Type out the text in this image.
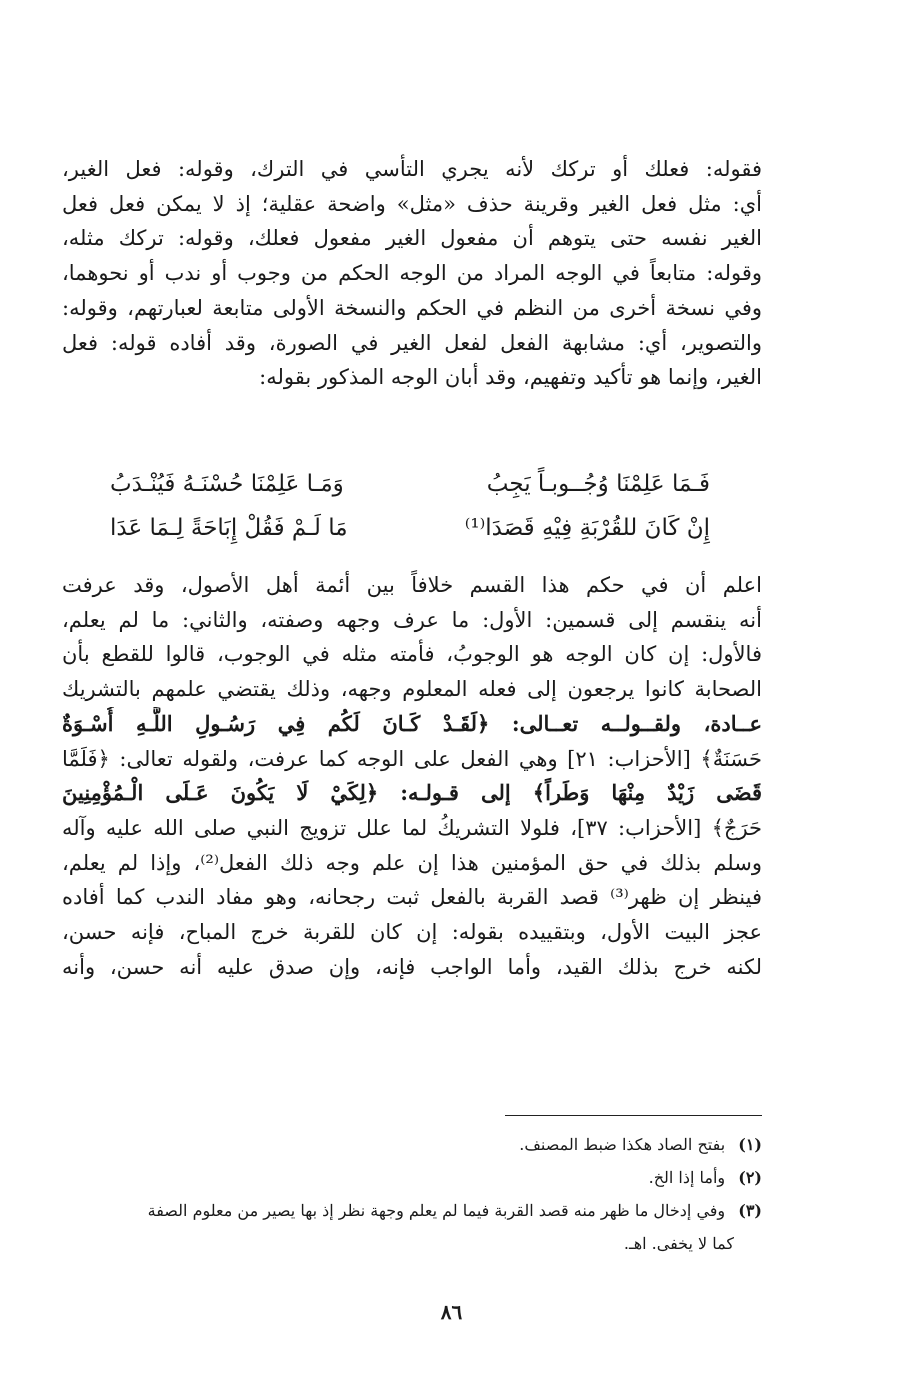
فقوله: فعلك أو تركك لأنه يجري التأسي في الترك، وقوله: فعل الغير،
أي: مثل فعل الغير وقرينة حذف «مثل» واضحة عقلية؛ إذ لا يمكن فعل فعل
الغير نفسه حتى يتوهم أن مفعول الغير مفعول فعلك، وقوله: تركك مثله،
وقوله: متابعاً في الوجه المراد من الوجه الحكم من وجوب أو ندب أو نحوهما،
وفي نسخة أخرى من النظم في الحكم والنسخة الأولى متابعة لعبارتهم، وقوله:
والتصوير، أي: مشابهة الفعل لفعل الغير في الصورة، وقد أفاده قوله: فعل
الغير، وإنما هو تأكيد وتفهيم، وقد أبان الوجه المذكور بقوله:
فَـمَا عَلِمْنَا وُجُــوبـاً يَجِبُ
وَمَـا عَلِمْنَا حُسْنَـهُ فَيُنْـدَبُ
إِنْ كَانَ للقُرْبَةِ فِيْهِ قَصَدَا⁽¹⁾
مَا لَـمْ فَقُلْ إِبَاحَةً لِـمَا عَدَا
اعلم أن في حكم هذا القسم خلافاً بين أئمة أهل الأصول، وقد عرفت
أنه ينقسم إلى قسمين: الأول: ما عرف وجهه وصفته، والثاني: ما لم يعلم،
فالأول: إن كان الوجه هو الوجوبُ، فأمته مثله في الوجوب، قالوا للقطع بأن
الصحابة كانوا يرجعون إلى فعله المعلوم وجهه، وذلك يقتضي علمهم بالتشريك
عــادة، ولقــولــه تعــالى: ﴿لَقَـدْ كَـانَ لَكُم فِي رَسُـولِ اللَّـهِ أُسْـوَةٌ
حَسَنَةٌ﴾ [الأحزاب: ٢١] وهي الفعل على الوجه كما عرفت، ولقوله تعالى: ﴿فَلَمَّا
قَضَى زَيْدٌ مِنْهَا وَطَراً﴾ إلى قـولـه: ﴿لِكَيْ لَا يَكُونَ عَـلَى الْـمُؤْمِنِينَ
حَرَجٌ﴾ [الأحزاب: ٣٧]، فلولا التشريكُ لما علل تزويج النبي صلى الله عليه وآله
وسلم بذلك في حق المؤمنين هذا إن علم وجه ذلك الفعل⁽²⁾، وإذا لم يعلم،
فينظر إن ظهر⁽³⁾ قصد القربة بالفعل ثبت رجحانه، وهو مفاد الندب كما أفاده
عجز البيت الأول، وبتقييده بقوله: إن كان للقربة خرج المباح، فإنه حسن،
لكنه خرج بذلك القيد، وأما الواجب فإنه، وإن صدق عليه أنه حسن، وأنه
(١) بفتح الصاد هكذا ضبط المصنف.
(٢) وأما إذا الخ.
(٣) وفي إدخال ما ظهر منه قصد القربة فيما لم يعلم وجهة نظر إذ بها يصير من معلوم الصفة
كما لا يخفى. اهـ.
٨٦
